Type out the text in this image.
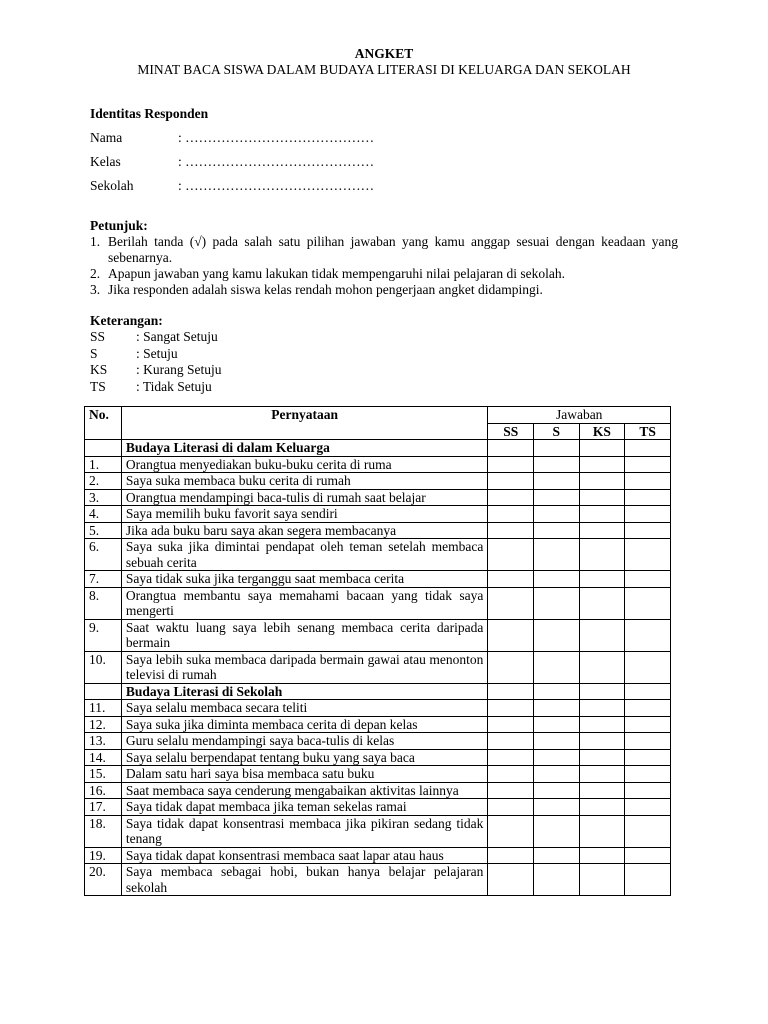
ANGKET
MINAT BACA SISWA DALAM BUDAYA LITERASI DI KELUARGA DAN SEKOLAH
Identitas Responden
Nama	: ……………………………………
Kelas	: ……………………………………
Sekolah	: ……………………………………
Petunjuk:
1. Berilah tanda (√) pada salah satu pilihan jawaban yang kamu anggap sesuai dengan keadaan yang sebenarnya.
2. Apapun jawaban yang kamu lakukan tidak mempengaruhi nilai pelajaran di sekolah.
3. Jika responden adalah siswa kelas rendah mohon pengerjaan angket didampingi.
Keterangan:
SS	: Sangat Setuju
S	: Setuju
KS	: Kurang Setuju
TS	: Tidak Setuju
No.	Pernyataan	Jawaban			
		SS	S	KS	TS
	Budaya Literasi di dalam Keluarga				
1.	Orangtua menyediakan buku-buku cerita di ruma				
2.	Saya suka membaca buku cerita di rumah				
3.	Orangtua mendampingi baca-tulis di rumah saat belajar				
4.	Saya memilih buku favorit saya sendiri				
5.	Jika ada buku baru saya akan segera membacanya				
6.	Saya suka jika dimintai pendapat oleh teman setelah membaca sebuah cerita				
7.	Saya tidak suka jika terganggu saat membaca cerita				
8.	Orangtua membantu saya memahami bacaan yang tidak saya mengerti				
9.	Saat waktu luang saya lebih senang membaca cerita daripada bermain				
10.	Saya lebih suka membaca daripada bermain gawai atau menonton televisi di rumah				
	Budaya Literasi di Sekolah				
11.	Saya selalu membaca secara teliti				
12.	Saya suka jika diminta membaca cerita di depan kelas				
13.	Guru selalu mendampingi saya baca-tulis di kelas				
14.	Saya selalu berpendapat tentang buku yang saya baca				
15.	Dalam satu hari saya bisa membaca satu buku				
16.	Saat membaca saya cenderung mengabaikan aktivitas lainnya				
17.	Saya tidak dapat membaca jika teman sekelas ramai				
18.	Saya tidak dapat konsentrasi membaca jika pikiran sedang tidak tenang				
19.	Saya tidak dapat konsentrasi membaca saat lapar atau haus				
20.	Saya membaca sebagai hobi, bukan hanya belajar pelajaran sekolah				
